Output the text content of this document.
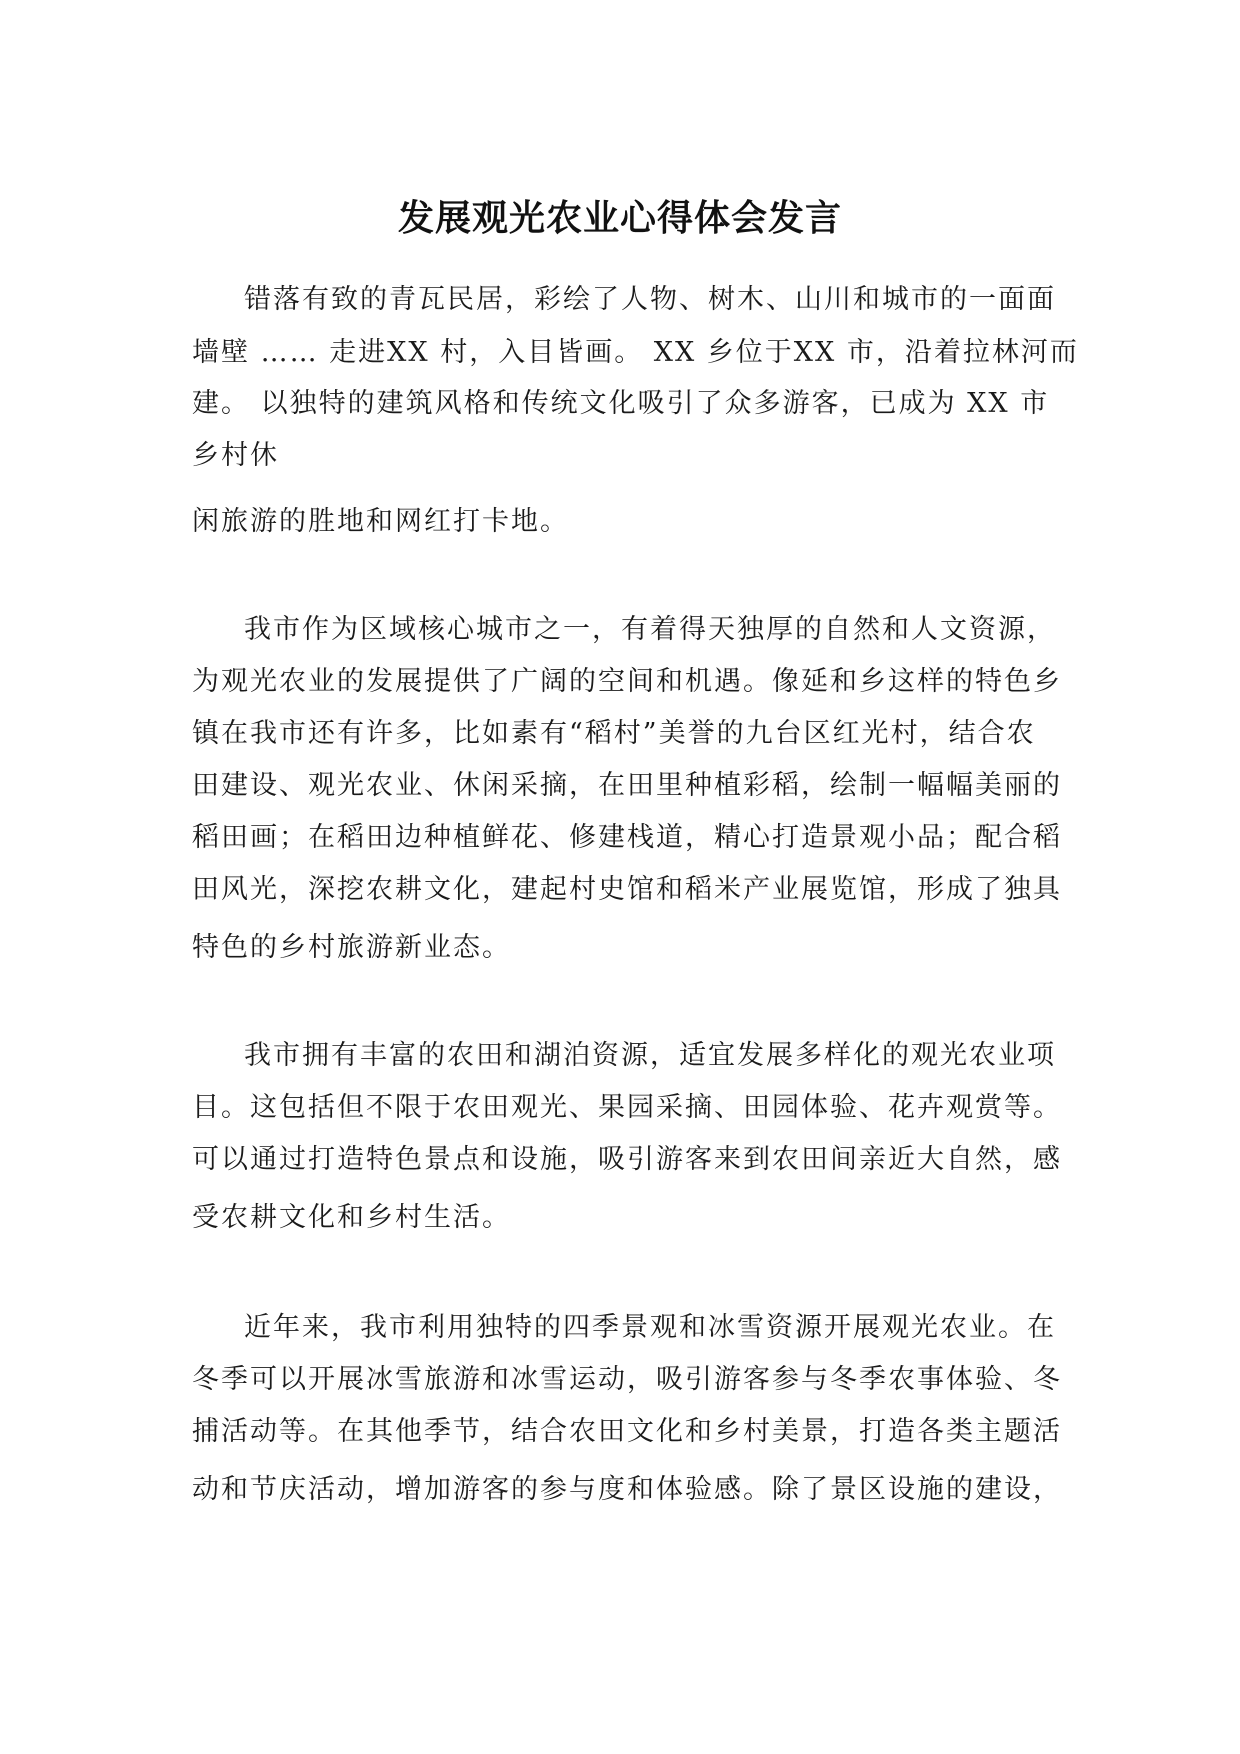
发展观光农业心得体会发言

错落有致的青瓦民居，彩绘了人物、树木、山川和城市的一面面

墙壁 …… 走进XX 村，入目皆画。 XX 乡位于XX 市，沿着拉林河而

建。 以独特的建筑风格和传统文化吸引了众多游客，已成为 XX 市

乡村休

闲旅游的胜地和网红打卡地。

我市作为区域核心城市之一，有着得天独厚的自然和人文资源，

为观光农业的发展提供了广阔的空间和机遇。像延和乡这样的特色乡

镇在我市还有许多，比如素有“稻村”美誉的九台区红光村，结合农

田建设、观光农业、休闲采摘，在田里种植彩稻，绘制一幅幅美丽的

稻田画；在稻田边种植鲜花、修建栈道，精心打造景观小品；配合稻

田风光，深挖农耕文化，建起村史馆和稻米产业展览馆，形成了独具

特色的乡村旅游新业态。

我市拥有丰富的农田和湖泊资源，适宜发展多样化的观光农业项

目。这包括但不限于农田观光、果园采摘、田园体验、花卉观赏等。

可以通过打造特色景点和设施，吸引游客来到农田间亲近大自然，感

受农耕文化和乡村生活。

近年来，我市利用独特的四季景观和冰雪资源开展观光农业。在

冬季可以开展冰雪旅游和冰雪运动，吸引游客参与冬季农事体验、冬

捕活动等。在其他季节，结合农田文化和乡村美景，打造各类主题活

动和节庆活动，增加游客的参与度和体验感。除了景区设施的建设，
